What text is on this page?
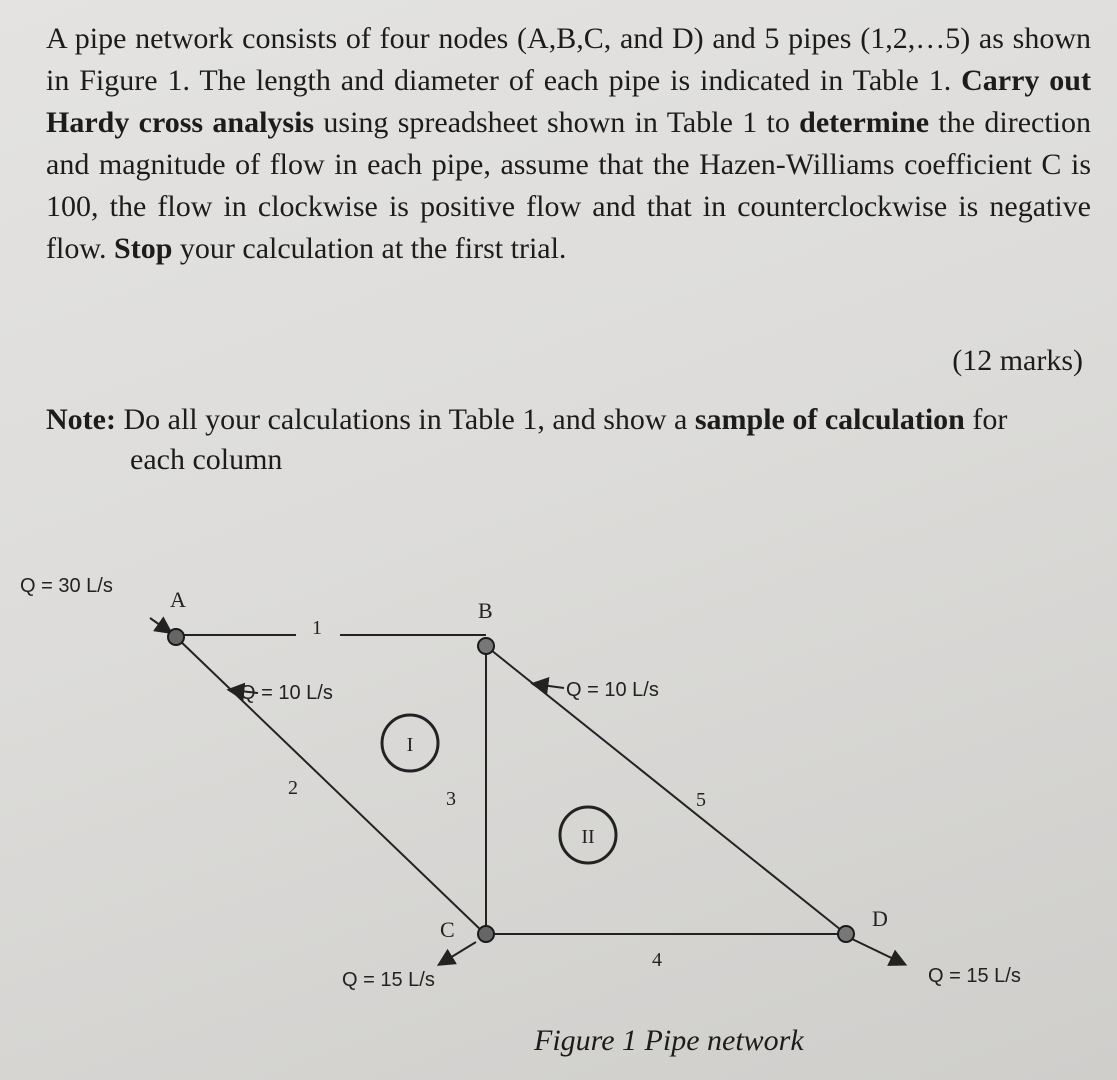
A pipe network consists of four nodes (A,B,C, and D) and 5 pipes (1,2,…5) as shown in Figure 1. The length and diameter of each pipe is indicated in Table 1. Carry out Hardy cross analysis using spreadsheet shown in Table 1 to determine the direction and magnitude of flow in each pipe, assume that the Hazen-Williams coefficient C is 100, the flow in clockwise is positive flow and that in counterclockwise is negative flow. Stop your calculation at the first trial.

(12 marks)
Note: Do all your calculations in Table 1, and show a sample of calculation for
each column
Q = 30 L/s
A	B
C	D
1
2	3
4
5
I
II
Q = 10 L/s	Q = 10 L/s
Q = 15 L/s	Q = 15 L/s
Figure 1 Pipe network
